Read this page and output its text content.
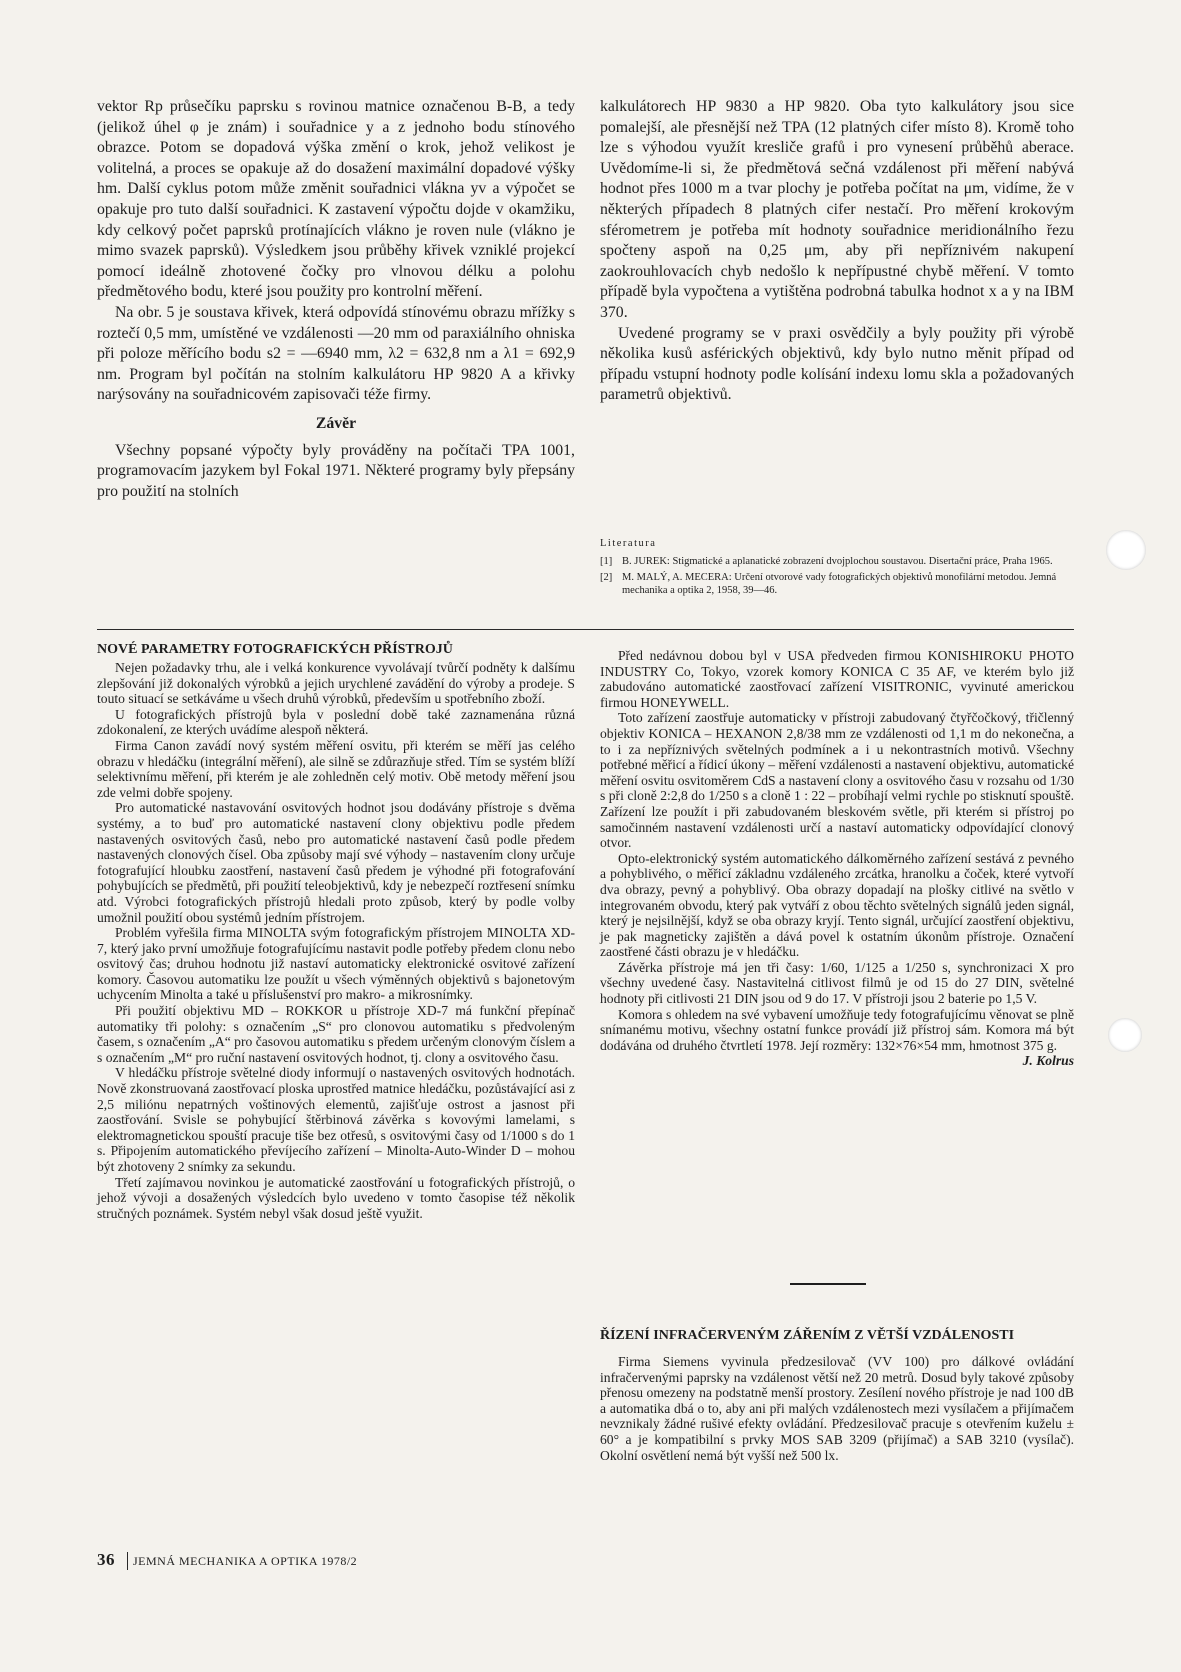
vektor Rp průsečíku paprsku s rovinou matnice označenou B-B, a tedy (jelikož úhel φ je znám) i souřadnice y a z jednoho bodu stínového obrazce. Potom se dopadová výška změní o krok, jehož velikost je volitelná, a proces se opakuje až do dosažení maximální dopadové výšky hm. Další cyklus potom může změnit souřadnici vlákna yv a výpočet se opakuje pro tuto další souřadnici. K zastavení výpočtu dojde v okamžiku, kdy celkový počet paprsků protínajících vlákno je roven nule (vlákno je mimo svazek paprsků). Výsledkem jsou průběhy křivek vzniklé projekcí pomocí ideálně zhotovené čočky pro vlnovou délku a polohu předmětového bodu, které jsou použity pro kontrolní měření.

Na obr. 5 je soustava křivek, která odpovídá stínovému obrazu mřížky s roztečí 0,5 mm, umístěné ve vzdálenosti —20 mm od paraxiálního ohniska při poloze měřícího bodu s2 = —6940 mm, λ2 = 632,8 nm a λ1 = 692,9 nm. Program byl počítán na stolním kalkulátoru HP 9820 A a křivky narýsovány na souřadnicovém zapisovači téže firmy.

Závěr

Všechny popsané výpočty byly prováděny na počítači TPA 1001, programovacím jazykem byl Fokal 1971. Některé programy byly přepsány pro použití na stolních

kalkulátorech HP 9830 a HP 9820. Oba tyto kalkulátory jsou sice pomalejší, ale přesnější než TPA (12 platných cifer místo 8). Kromě toho lze s výhodou využít kresliče grafů i pro vynesení průběhů aberace. Uvědomíme-li si, že předmětová sečná vzdálenost při měření nabývá hodnot přes 1000 m a tvar plochy je potřeba počítat na μm, vidíme, že v některých případech 8 platných cifer nestačí. Pro měření krokovým sférometrem je potřeba mít hodnoty souřadnice meridionálního řezu spočteny aspoň na 0,25 μm, aby při nepříznivém nakupení zaokrouhlovacích chyb nedošlo k nepřípustné chybě měření. V tomto případě byla vypočtena a vytištěna podrobná tabulka hodnot x a y na IBM 370.

Uvedené programy se v praxi osvědčily a byly použity při výrobě několika kusů asférických objektivů, kdy bylo nutno měnit případ od případu vstupní hodnoty podle kolísání indexu lomu skla a požadovaných parametrů objektivů.

Literatura
[1] B. JUREK: Stigmatické a aplanatické zobrazení dvojplochou soustavou. Disertační práce, Praha 1965.
[2] M. MALÝ, A. MECERA: Určení otvorové vady fotografických objektivů monofilární metodou. Jemná mechanika a optika 2, 1958, 39—46.
NOVÉ PARAMETRY FOTOGRAFICKÝCH PŘÍSTROJŮ

Nejen požadavky trhu, ale i velká konkurence vyvolávají tvůrčí podněty k dalšímu zlepšování již dokonalých výrobků a jejich urychlené zavádění do výroby a prodeje. S touto situací se setkáváme u všech druhů výrobků, především u spotřebního zboží.

U fotografických přístrojů byla v poslední době také zaznamenána různá zdokonalení, ze kterých uvádíme alespoň některá.

Firma Canon zavádí nový systém měření osvitu, při kterém se měří jas celého obrazu v hledáčku (integrální měření), ale silně se zdůrazňuje střed. Tím se systém blíží selektivnímu měření, při kterém je ale zohledněn celý motiv. Obě metody měření jsou zde velmi dobře spojeny.

Pro automatické nastavování osvitových hodnot jsou dodávány přístroje s dvěma systémy, a to buď pro automatické nastavení clony objektivu podle předem nastavených osvitových časů, nebo pro automatické nastavení časů podle předem nastavených clonových čísel. Oba způsoby mají své výhody – nastavením clony určuje fotografující hloubku zaostření, nastavení časů předem je výhodné při fotografování pohybujících se předmětů, při použití teleobjektivů, kdy je nebezpečí roztřesení snímku atd. Výrobci fotografických přístrojů hledali proto způsob, který by podle volby umožnil použití obou systémů jedním přístrojem.

Problém vyřešila firma MINOLTA svým fotografickým přístrojem MINOLTA XD-7, který jako první umožňuje fotografujícímu nastavit podle potřeby předem clonu nebo osvitový čas; druhou hodnotu již nastaví automaticky elektronické osvitové zařízení komory. Časovou automatiku lze použít u všech výměnných objektivů s bajonetovým uchycením Minolta a také u příslušenství pro makro- a mikrosnímky.

Při použití objektivu MD – ROKKOR u přístroje XD-7 má funkční přepínač automatiky tři polohy: s označením „S“ pro clonovou automatiku s předvoleným časem, s označením „A“ pro časovou automatiku s předem určeným clonovým číslem a s označením „M“ pro ruční nastavení osvitových hodnot, tj. clony a osvitového času.

V hledáčku přístroje světelné diody informují o nastavených osvitových hodnotách. Nově zkonstruovaná zaostřovací ploska uprostřed matnice hledáčku, pozůstávající asi z 2,5 miliónu nepatrných voštinových elementů, zajišťuje ostrost a jasnost při zaostřování. Svisle se pohybující štěrbinová závěrka s kovovými lamelami, s elektromagnetickou spouští pracuje tiše bez otřesů, s osvitovými časy od 1/1000 s do 1 s. Připojením automatického převíjecího zařízení – Minolta-Auto-Winder D – mohou být zhotoveny 2 snímky za sekundu.

Třetí zajímavou novinkou je automatické zaostřování u fotografických přístrojů, o jehož vývoji a dosažených výsledcích bylo uvedeno v tomto časopise též několik stručných poznámek. Systém nebyl však dosud ještě využit.

Před nedávnou dobou byl v USA předveden firmou KONISHIROKU PHOTO INDUSTRY Co, Tokyo, vzorek komory KONICA C 35 AF, ve kterém bylo již zabudováno automatické zaostřovací zařízení VISITRONIC, vyvinuté americkou firmou HONEYWELL.

Toto zařízení zaostřuje automaticky v přístroji zabudovaný čtyřčočkový, třičlenný objektiv KONICA – HEXANON 2,8/38 mm ze vzdálenosti od 1,1 m do nekonečna, a to i za nepříznivých světelných podmínek a i u nekontrastních motivů. Všechny potřebné měřicí a řídicí úkony – měření vzdálenosti a nastavení objektivu, automatické měření osvitu osvitoměrem CdS a nastavení clony a osvitového času v rozsahu od 1/30 s při cloně 2:2,8 do 1/250 s a cloně 1 : 22 – probíhají velmi rychle po stisknutí spouště. Zařízení lze použít i při zabudovaném bleskovém světle, při kterém si přístroj po samočinném nastavení vzdálenosti určí a nastaví automaticky odpovídající clonový otvor.

Opto-elektronický systém automatického dálkoměrného zařízení sestává z pevného a pohyblivého, o měřicí základnu vzdáleného zrcátka, hranolku a čoček, které vytvoří dva obrazy, pevný a pohyblivý. Oba obrazy dopadají na plošky citlivé na světlo v integrovaném obvodu, který pak vytváří z obou těchto světelných signálů jeden signál, který je nejsilnější, když se oba obrazy kryjí. Tento signál, určující zaostření objektivu, je pak magneticky zajištěn a dává povel k ostatním úkonům přístroje. Označení zaostřené části obrazu je v hledáčku.

Závěrka přístroje má jen tři časy: 1/60, 1/125 a 1/250 s, synchronizaci X pro všechny uvedené časy. Nastavitelná citlivost filmů je od 15 do 27 DIN, světelné hodnoty při citlivosti 21 DIN jsou od 9 do 17. V přístroji jsou 2 baterie po 1,5 V.

Komora s ohledem na své vybavení umožňuje tedy fotografujícímu věnovat se plně snímanému motivu, všechny ostatní funkce provádí již přístroj sám. Komora má být dodávána od druhého čtvrtletí 1978. Její rozměry: 132×76×54 mm, hmotnost 375 g.

J. Kolrus
ŘÍZENÍ INFRAČERVENÝM ZÁŘENÍM Z VĚTŠÍ VZDÁLENOSTI

Firma Siemens vyvinula předzesilovač (VV 100) pro dálkové ovládání infračervenými paprsky na vzdálenost větší než 20 metrů. Dosud byly takové způsoby přenosu omezeny na podstatně menší prostory. Zesílení nového přístroje je nad 100 dB a automatika dbá o to, aby ani při malých vzdálenostech mezi vysílačem a přijímačem nevznikaly žádné rušivé efekty ovládání. Předzesilovač pracuje s otevřením kuželu ± 60° a je kompatibilní s prvky MOS SAB 3209 (přijímač) a SAB 3210 (vysílač). Okolní osvětlení nemá být vyšší než 500 lx.

36 JEMNÁ MECHANIKA A OPTIKA 1978/2
